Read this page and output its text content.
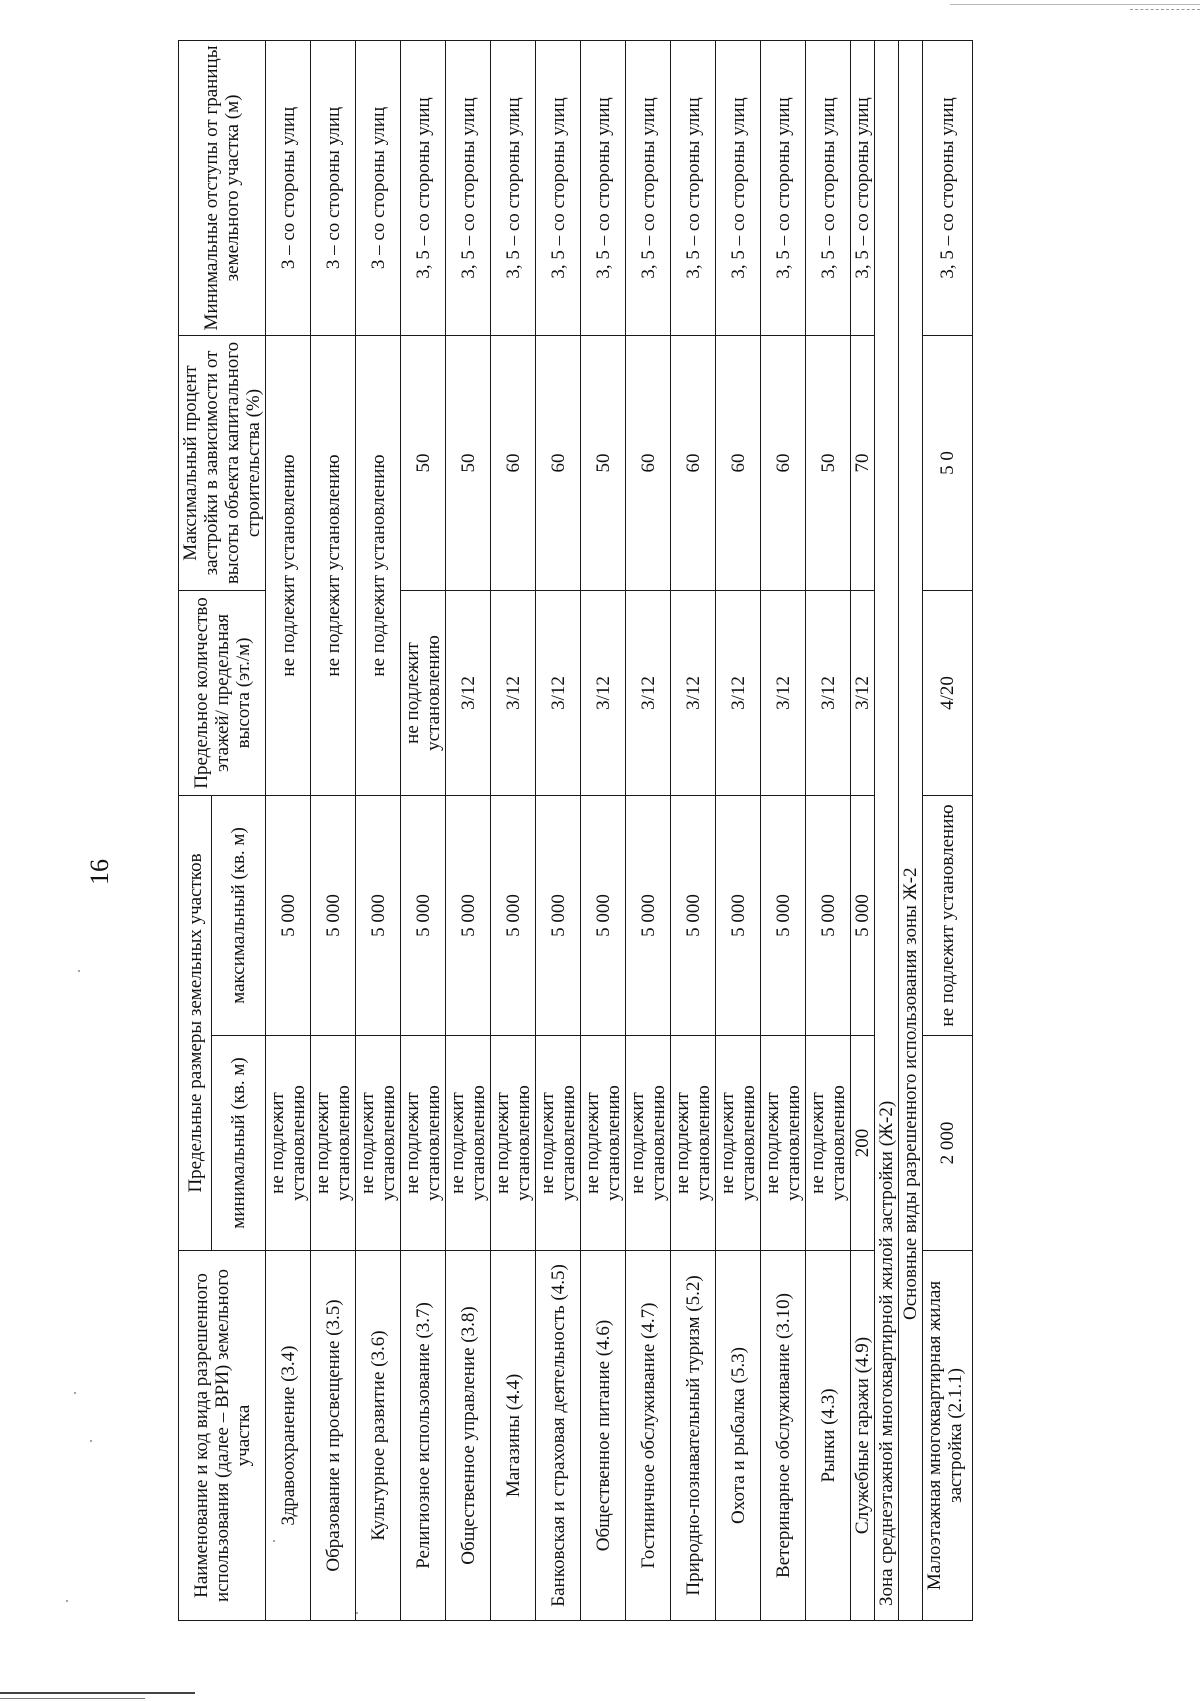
16
Наименование и код вида разрешенного использования (далее – ВРИ) земельного участка	Предельные размеры земельных участков		Предельное количество этажей/ предельная высота (эт./м)	Максимальный процент застройки в зависимости от высоты объекта капитального строительства (%)	Минимальные отступы от границы земельного участка (м)
	минимальный (кв. м)	максимальный (кв. м)			
Здравоохранение (3.4)	не подлежит установлению	5 000	не подлежит установлению		3 – со стороны улиц
Образование и просвещение (3.5)	не подлежит установлению	5 000	не подлежит установлению		3 – со стороны улиц
Культурное развитие (3.6)	не подлежит установлению	5 000	не подлежит установлению		3 – со стороны улиц
Религиозное использование (3.7)	не подлежит установлению	5 000	не подлежит установлению	50	3, 5 – со стороны улиц
Общественное управление (3.8)	не подлежит установлению	5 000	3/12	50	3, 5 – со стороны улиц
Магазины (4.4)	не подлежит установлению	5 000	3/12	60	3, 5 – со стороны улиц
Банковская и страховая деятельность (4.5)	не подлежит установлению	5 000	3/12	60	3, 5 – со стороны улиц
Общественное питание (4.6)	не подлежит установлению	5 000	3/12	50	3, 5 – со стороны улиц
Гостиничное обслуживание (4.7)	не подлежит установлению	5 000	3/12	60	3, 5 – со стороны улиц
Природно-познавательный туризм (5.2)	не подлежит установлению	5 000	3/12	60	3, 5 – со стороны улиц
Охота и рыбалка (5.3)	не подлежит установлению	5 000	3/12	60	3, 5 – со стороны улиц
Ветеринарное обслуживание (3.10)	не подлежит установлению	5 000	3/12	60	3, 5 – со стороны улиц
Рынки (4.3)	не подлежит установлению	5 000	3/12	50	3, 5 – со стороны улиц
Служебные гаражи (4.9)	200	5 000	3/12	70	3, 5 – со стороны улиц
Зона среднеэтажной многоквартирной жилой застройки (Ж-2)					
Основные виды разрешенного использования зоны Ж-2					
Малоэтажная многоквартирная жилая застройка (2.1.1)	2 000	не подлежит установлению	4/20	5 0	3, 5 – со стороны улиц
